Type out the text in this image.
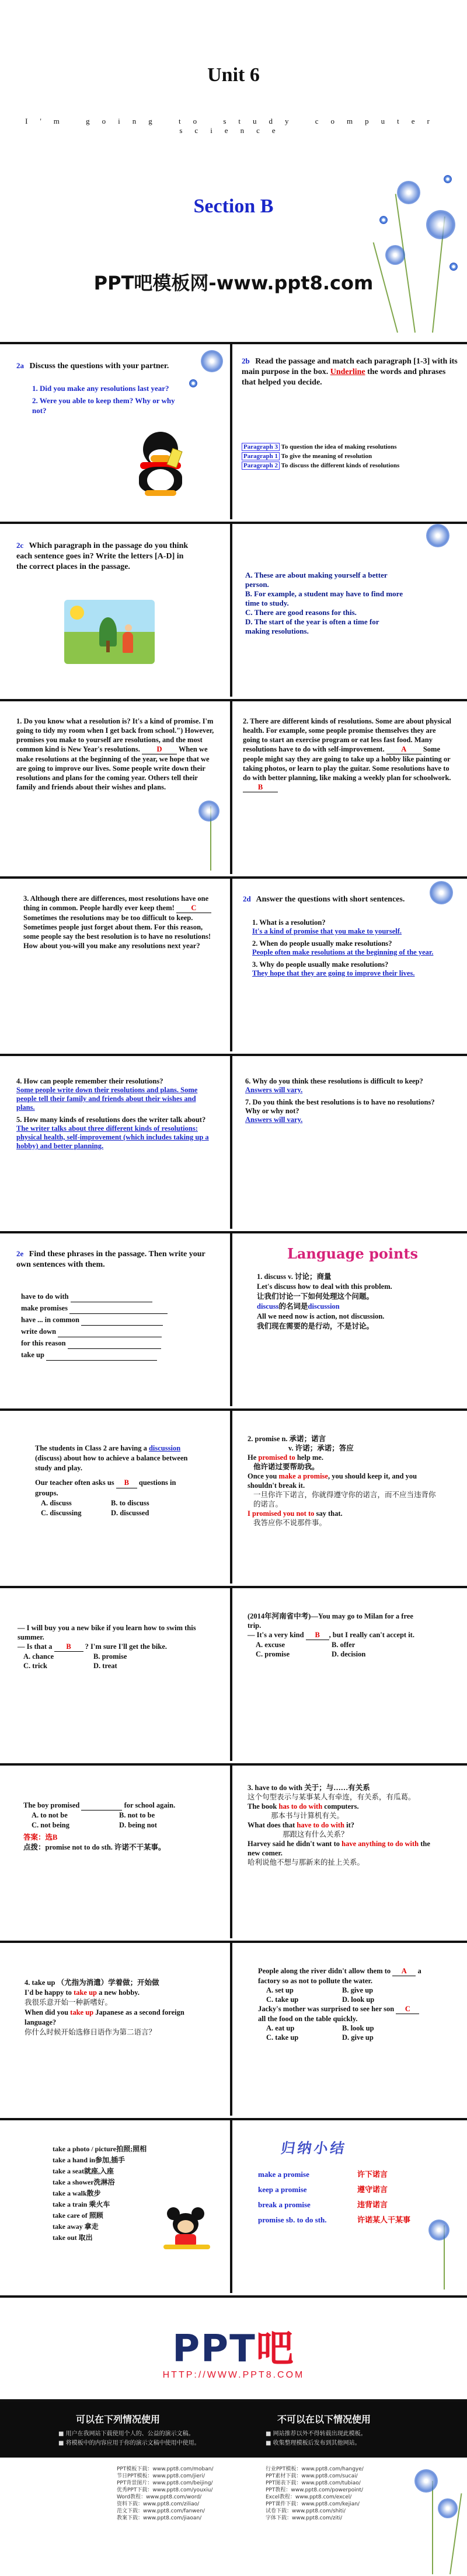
Unit 6
I'm going to study computer science
Section B
PPT吧模板网-www.ppt8.com
2a Discuss the questions with your partner.
1. Did you make any resolutions last year?
2. Were you able to keep them? Why or why not?
2b Read the passage and match each paragraph [1-3] with its main purpose in the box. Underline the words and phrases that helped you decide.
Paragraph 3 To question the idea of making resolutions
Paragraph 1 To give the meaning of resolution
Paragraph 2 To discuss the different kinds of resolutions
2c Which paragraph in the passage do you think each sentence goes in? Write the letters [A-D] in the correct places in the passage.
A. These are about making yourself a better person.
B. For example, a student may have to find more time to study.
C. There are good reasons for this.
D. The start of the year is often a time for making resolutions.
1. Do you know what a resolution is? It's a kind of promise. I'm going to tidy my room when I get back from school.") However, promises you make to yourself are resolutions, and the most common kind is New Year's resolutions. D When we make resolutions at the beginning of the year, we hope that we are going to improve our lives. Some people write down their resolutions and plans for the coming year. Others tell their family and friends about their wishes and plans.
2. There are different kinds of resolutions. Some are about physical health. For example, some people promise themselves they are going to start an exercise program or eat less fast food. Many resolutions have to do with self-improvement. A Some people might say they are going to take up a hobby like painting or taking photos, or learn to play the guitar. Some resolutions have to do with better planning, like making a weekly plan for schoolwork. B
3. Although there are differences, most resolutions have one thing in common. People hardly ever keep them! C Sometimes the resolutions may be too difficult to keep. Sometimes people just forget about them. For this reason, some people say the best resolution is to have no resolutions! How about you-will you make any resolutions next year?
2d Answer the questions with short sentences.
1. What is a resolution?
It's a kind of promise that you make to yourself.
2. When do people usually make resolutions?
People often make resolutions at the beginning of the year.
3. Why do people usually make resolutions?
They hope that they are going to improve their lives.
4. How can people remember their resolutions?
Some people write down their resolutions and plans. Some people tell their family and friends about their wishes and plans.
5. How many kinds of resolutions does the writer talk about?
The writer talks about three different kinds of resolutions: physical health, self-improvement (which includes taking up a hobby) and better planning.
6. Why do you think these resolutions is difficult to keep?
Answers will vary.
7. Do you think the best resolutions is to have no resolutions? Why or why not?
Answers will vary.
2e Find these phrases in the passage. Then write your own sentences with them.
have to do with
make promises
have ... in common
write down
for this reason
take up
Language points
1. discuss v. 讨论；商量
Let's discuss how to deal with this problem.
让我们讨论一下如何处理这个问题。
discuss的名词是discussion
All we need now is action, not discussion.
我们现在需要的是行动，不是讨论。
The students in Class 2 are having a discussion (discuss) about how to achieve a balance between study and play.
Our teacher often asks us B questions in groups.
A. discuss	B. to discuss
C. discussing	D. discussed
2. promise n. 承诺；诺言
v. 许诺；承诺；答应
He promised to help me.
他许诺过要帮助我。
Once you make a promise, you should keep it, and you shouldn't break it.
一旦你许下诺言，你就得遵守你的诺言，而不应当违背你的诺言。
I promised you not to say that.
我答应你不说那件事。
— I will buy you a new bike if you learn how to swim this summer.
— Is that a B ? I'm sure I'll get the bike.
A. chance	B. promise
C. trick	D. treat
(2014年河南省中考)—You may go to Milan for a free trip.
— It's a very kind B , but I really can't accept it.
A. excuse	B. offer
C. promise	D. decision
The boy promised	for school again.
A. to not be	B. not to be
C. not being	D. being not
答案：选B
点拨：promise not to do sth. 许诺不干某事。
3. have to do with 关于；与……有关系
这个句型表示与某事某人有牵连，有关系，有瓜葛。
The book has to do with computers.
那本书与计算机有关。
What does that have to do with it?
那跟这有什么关系？
Harvey said he didn't want to have anything to do with the new comer.
哈利说他不想与那新来的扯上关系。
4. take up （尤指为消遣）学着做；开始做
I'd be happy to take up a new hobby.
我很乐意开始一种新嗜好。
When did you take up Japanese as a second foreign language?
你什么时候开始选修日语作为第二语言？
People along the river didn't allow them to A a factory so as not to pollute the water.
A. set up	B. give up
C. take up	D. look up
Jacky's mother was surprised to see her son C all the food on the table quickly.
A. eat up	B. look up
C. take up	D. give up
take a photo / picture拍照;照相
take a hand in参加,插手
take a seat就座,入座
take a shower洗淋浴
take a walk散步
take a train 乘火车
take care of 照顾
take away 拿走
take out 取出
归纳小结
make a promise	许下诺言
keep a promise	遵守诺言
break a promise	违背诺言
promise sb. to do sth.	许诺某人干某事
PPT吧
HTTP://WWW.PPT8.COM
可以在下列情况使用	不可以在以下情况使用
■ 用户在我网站下载使用个人的、公益的演示文稿。
■ 将模板中的内容应用于你的演示文稿中使用中使用。
■ 网站推荐以外不得转载出现此模板。
■ 收集整理模板后发布到其他网站。
PPT模板下载：www.ppt8.com/moban/
节日PPT模板：www.ppt8.com/jieri/
PPT背景图片：www.ppt8.com/beijing/
优秀PPT下载：www.ppt8.com/youxiu/
Word教程：www.ppt8.com/word/
资料下载：www.ppt8.com/ziliao/
范文下载：www.ppt8.com/fanwen/
教案下载：www.ppt8.com/jiaoan/
行业PPT模板：www.ppt8.com/hangye/
PPT素材下载：www.ppt8.com/sucai/
PPT图表下载：www.ppt8.com/tubiao/
PPT教程：www.ppt8.com/powerpoint/
Excel教程：www.ppt8.com/excel/
PPT课件下载：www.ppt8.com/kejian/
试卷下载：www.ppt8.com/shiti/
字体下载：www.ppt8.com/ziti/
